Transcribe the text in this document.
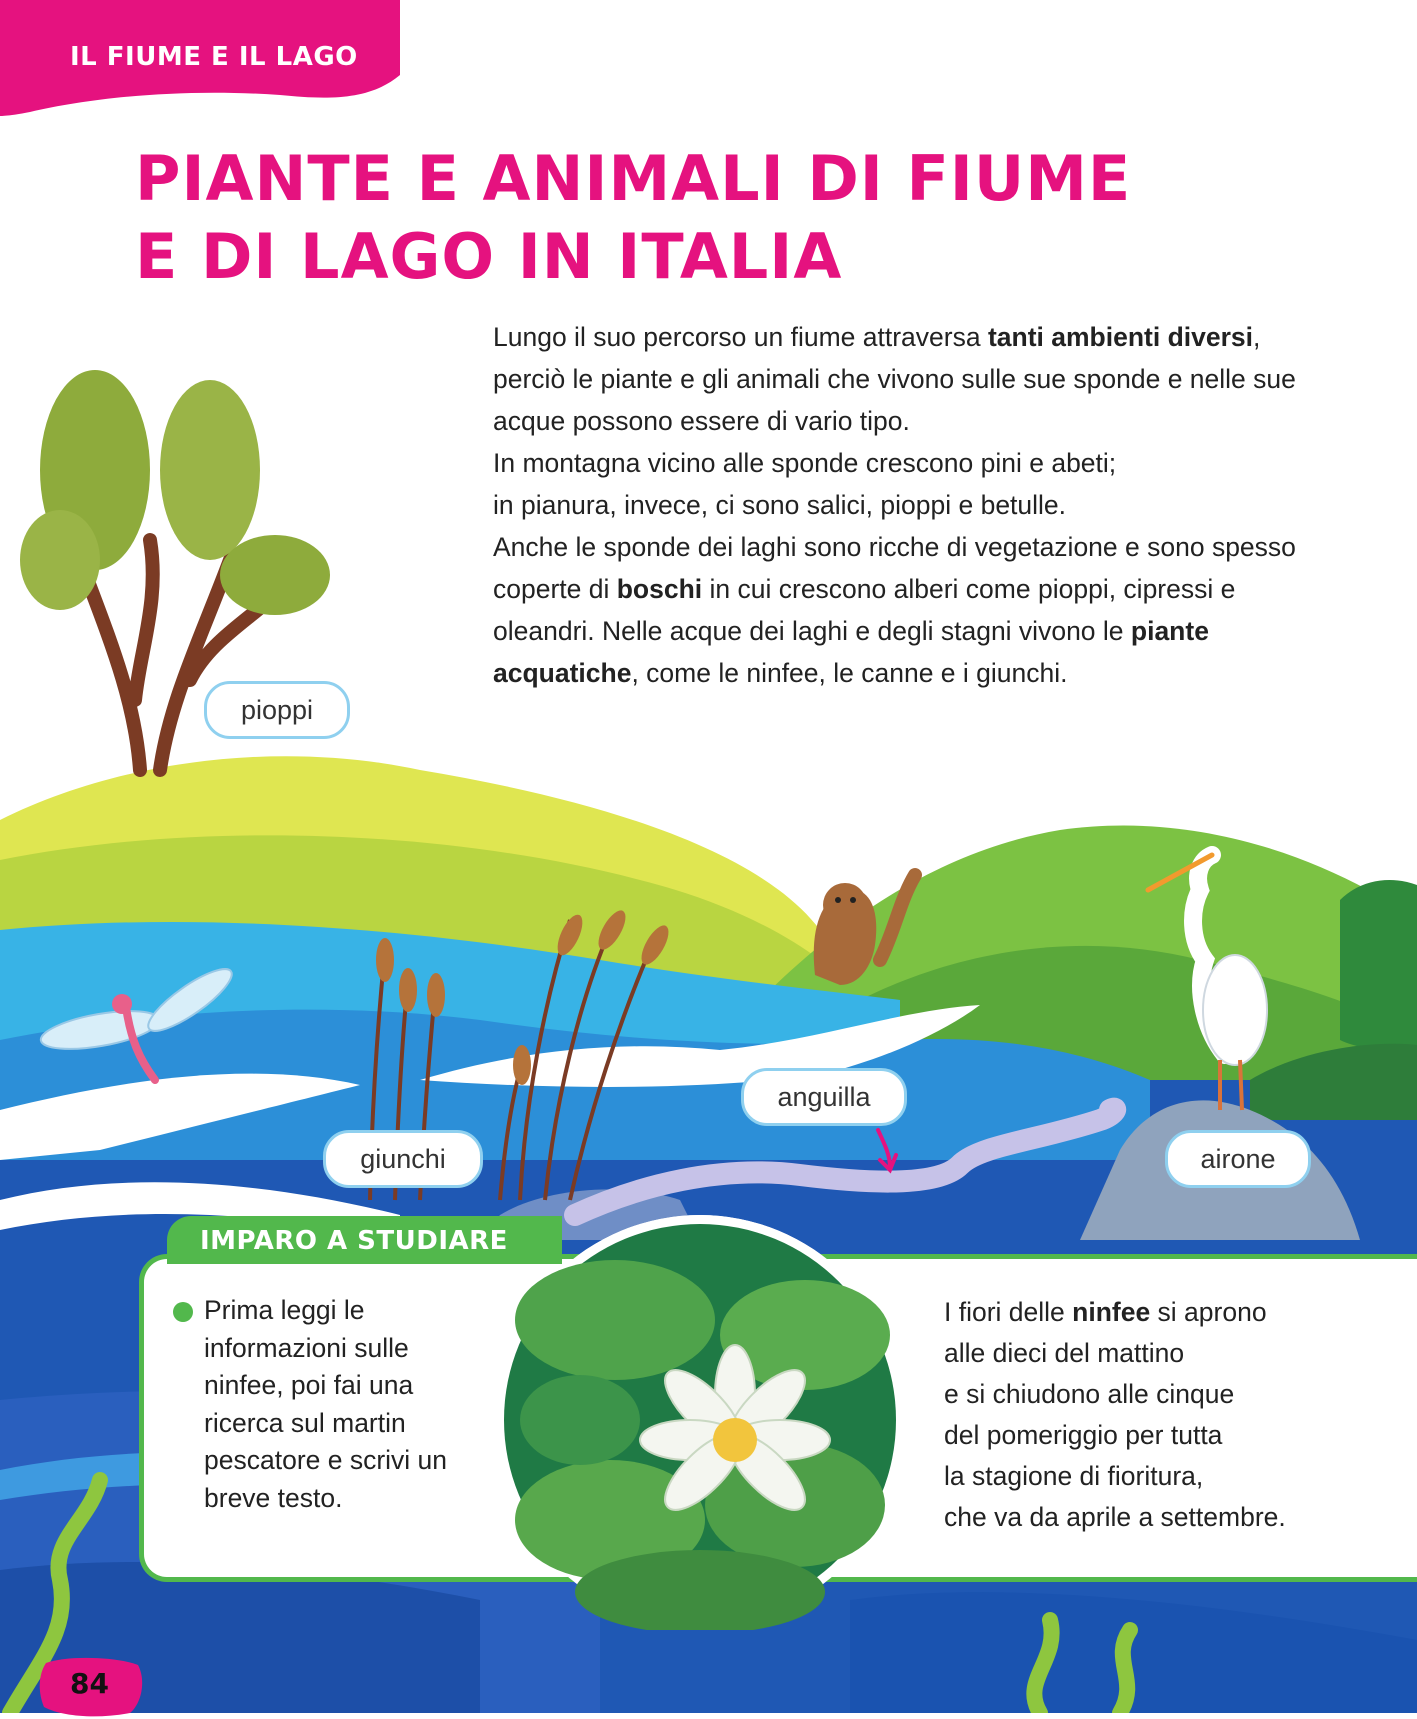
IL FIUME E IL LAGO
PIANTE E ANIMALI DI FIUME
E DI LAGO IN ITALIA

Lungo il suo percorso un fiume attraversa tanti ambienti diversi, perciò le piante e gli animali che vivono sulle sue sponde e nelle sue acque possono essere di vario tipo.

In montagna vicino alle sponde crescono pini e abeti;

in pianura, invece, ci sono salici, pioppi e betulle.

Anche le sponde dei laghi sono ricche di vegetazione e sono spesso coperte di boschi in cui crescono alberi come pioppi, cipressi e oleandri. Nelle acque dei laghi e degli stagni vivono le piante acquatiche, come le ninfee, le canne e i giunchi.

pioppi
anguilla
giunchi	airone
IMPARO A STUDIARE
Prima leggi le informazioni sulle ninfee, poi fai una ricerca sul martin pescatore e scrivi un breve testo.
I fiori delle ninfee si aprono
alle dieci del mattino
e si chiudono alle cinque
del pomeriggio per tutta
la stagione di fioritura,
che va da aprile a settembre.
84
